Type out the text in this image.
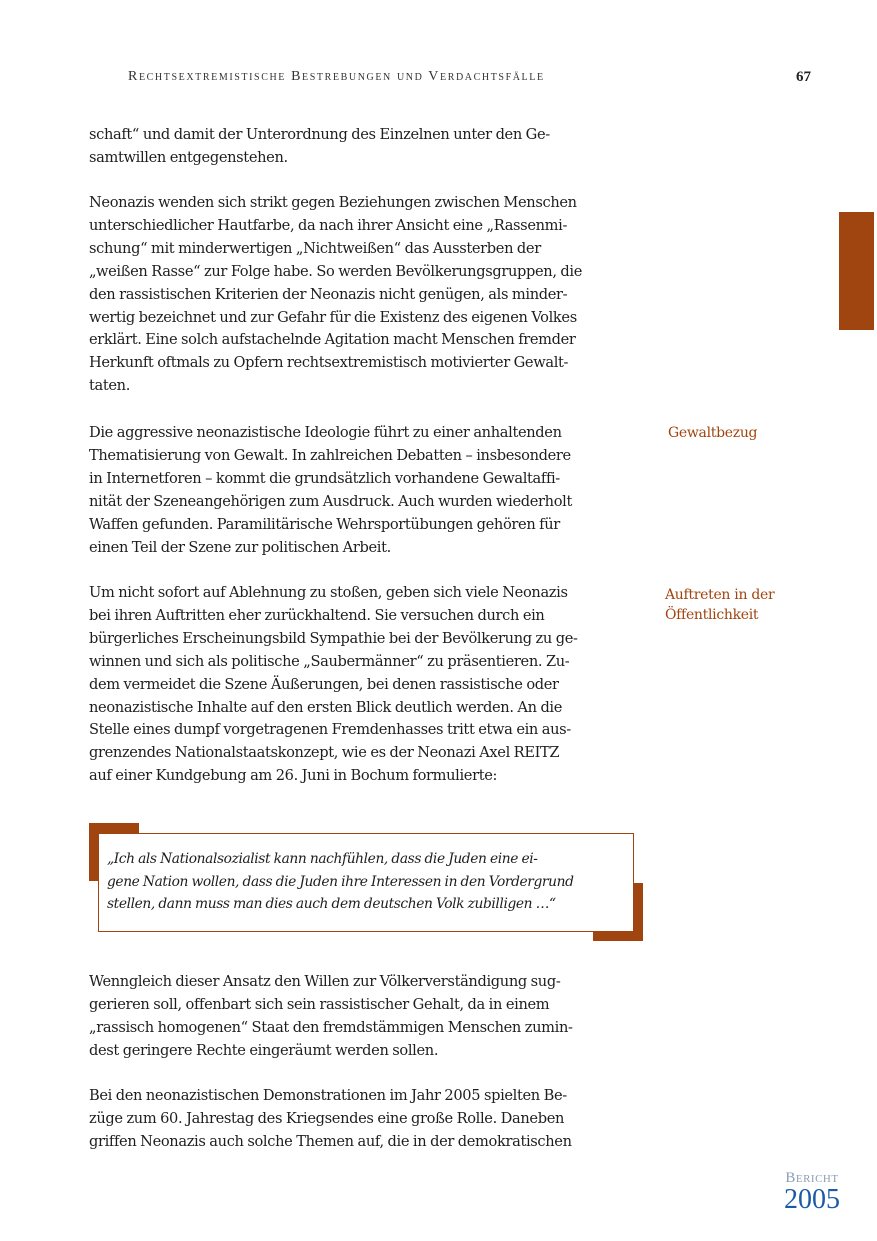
Rechtsextremistische Bestrebungen und Verdachtsfälle	67

schaft“ und damit der Unterordnung des Einzelnen unter den Ge-
samtwillen entgegenstehen.

Neonazis wenden sich strikt gegen Beziehungen zwischen Menschen
unterschiedlicher Hautfarbe, da nach ihrer Ansicht eine „Rassenmi-
schung“ mit minderwertigen „Nichtweißen“ das Aussterben der
„weißen Rasse“ zur Folge habe. So werden Bevölkerungsgruppen, die
den rassistischen Kriterien der Neonazis nicht genügen, als minder-
wertig bezeichnet und zur Gefahr für die Existenz des eigenen Volkes
erklärt. Eine solch aufstachelnde Agitation macht Menschen fremder
Herkunft oftmals zu Opfern rechtsextremistisch motivierter Gewalt-
taten.

Die aggressive neonazistische Ideologie führt zu einer anhaltenden
Thematisierung von Gewalt. In zahlreichen Debatten – insbesondere
in Internetforen – kommt die grundsätzlich vorhandene Gewaltaffi-
nität der Szeneangehörigen zum Ausdruck. Auch wurden wiederholt
Waffen gefunden. Paramilitärische Wehrsportübungen gehören für
einen Teil der Szene zur politischen Arbeit.

Um nicht sofort auf Ablehnung zu stoßen, geben sich viele Neonazis
bei ihren Auftritten eher zurückhaltend. Sie versuchen durch ein
bürgerliches Erscheinungsbild Sympathie bei der Bevölkerung zu ge-
winnen und sich als politische „Saubermänner“ zu präsentieren. Zu-
dem vermeidet die Szene Äußerungen, bei denen rassistische oder
neonazistische Inhalte auf den ersten Blick deutlich werden. An die
Stelle eines dumpf vorgetragenen Fremdenhasses tritt etwa ein aus-
grenzendes Nationalstaatskonzept, wie es der Neonazi Axel REITZ
auf einer Kundgebung am 26. Juni in Bochum formulierte:

Gewaltbezug
Auftreten in der
Öffentlichkeit

„Ich als Nationalsozialist kann nachfühlen, dass die Juden eine ei-
gene Nation wollen, dass die Juden ihre Interessen in den Vordergrund
stellen, dann muss man dies auch dem deutschen Volk zubilligen …“

Wenngleich dieser Ansatz den Willen zur Völkerverständigung sug-
gerieren soll, offenbart sich sein rassistischer Gehalt, da in einem
„rassisch homogenen“ Staat den fremdstämmigen Menschen zumin-
dest geringere Rechte eingeräumt werden sollen.

Bei den neonazistischen Demonstrationen im Jahr 2005 spielten Be-
züge zum 60. Jahrestag des Kriegsendes eine große Rolle. Daneben
griffen Neonazis auch solche Themen auf, die in der demokratischen

Bericht
2005
